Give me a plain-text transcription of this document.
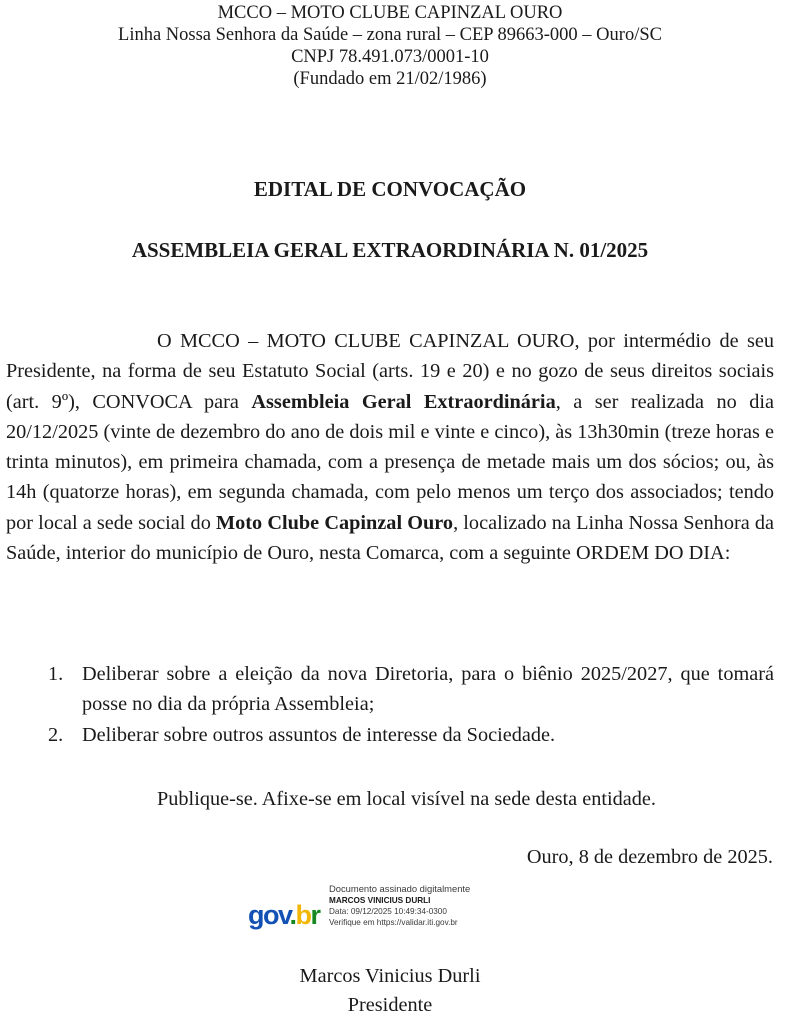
MCCO – MOTO CLUBE CAPINZAL OURO
Linha Nossa Senhora da Saúde – zona rural – CEP 89663-000 – Ouro/SC
CNPJ 78.491.073/0001-10
(Fundado em 21/02/1986)
EDITAL DE CONVOCAÇÃO
ASSEMBLEIA GERAL EXTRAORDINÁRIA N. 01/2025
O MCCO – MOTO CLUBE CAPINZAL OURO, por intermédio de seu Presidente, na forma de seu Estatuto Social (arts. 19 e 20) e no gozo de seus direitos sociais (art. 9º), CONVOCA para Assembleia Geral Extraordinária, a ser realizada no dia 20/12/2025 (vinte de dezembro do ano de dois mil e vinte e cinco), às 13h30min (treze horas e trinta minutos), em primeira chamada, com a presença de metade mais um dos sócios; ou, às 14h (quatorze horas), em segunda chamada, com pelo menos um terço dos associados; tendo por local a sede social do Moto Clube Capinzal Ouro, localizado na Linha Nossa Senhora da Saúde, interior do município de Ouro, nesta Comarca, com a seguinte ORDEM DO DIA:
1. Deliberar sobre a eleição da nova Diretoria, para o biênio 2025/2027, que tomará posse no dia da própria Assembleia;
2. Deliberar sobre outros assuntos de interesse da Sociedade.
Publique-se. Afixe-se em local visível na sede desta entidade.
Ouro, 8 de dezembro de 2025.
gov.br
Documento assinado digitalmente
MARCOS VINICIUS DURLI
Data: 09/12/2025 10:49:34-0300
Verifique em https://validar.iti.gov.br
Marcos Vinicius Durli
Presidente
